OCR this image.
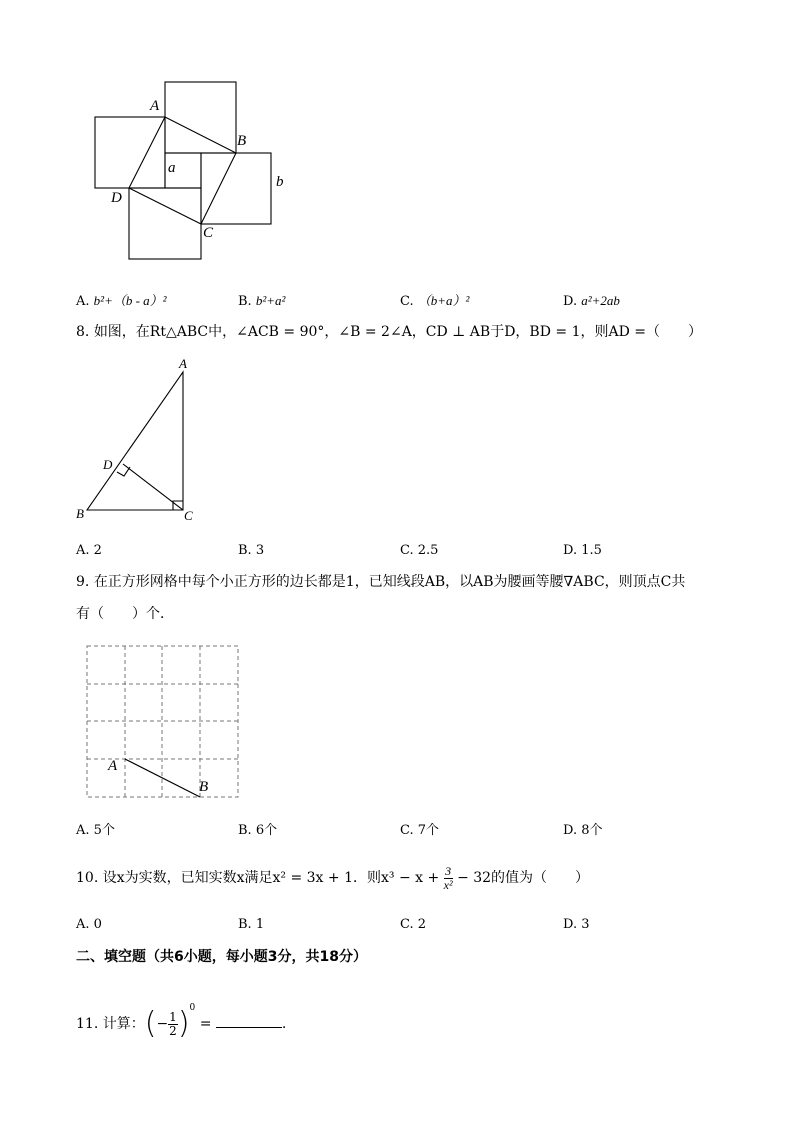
A
B
a
b
D
C
A. b²+（b - a）²	B. b²+a²	C. （b+a）²	D. a²+2ab
8. 如图，在Rt△ABC中，∠ACB = 90°，∠B = 2∠A，CD ⊥ AB于D，BD = 1，则AD =（　　）
A
D
B	C
A. 2	B. 3	C. 2.5	D. 1.5
9. 在正方形网格中每个小正方形的边长都是1，已知线段AB，以AB为腰画等腰∇ABC，则顶点C共
有（　　）个．
A
B
A. 5个	B. 6个	C. 7个	D. 8个
10. 设x为实数，已知实数x满足x² = 3x + 1．则$x^3 - x + \frac{3}{\text{x²}} - 32$的值为（　　）
A. 0	B. 1	C. 2	D. 3
二、填空题（共6小题，每小题3分，共18分）
11. 计算：(− $\frac{1}{2} )^0$ =	.
